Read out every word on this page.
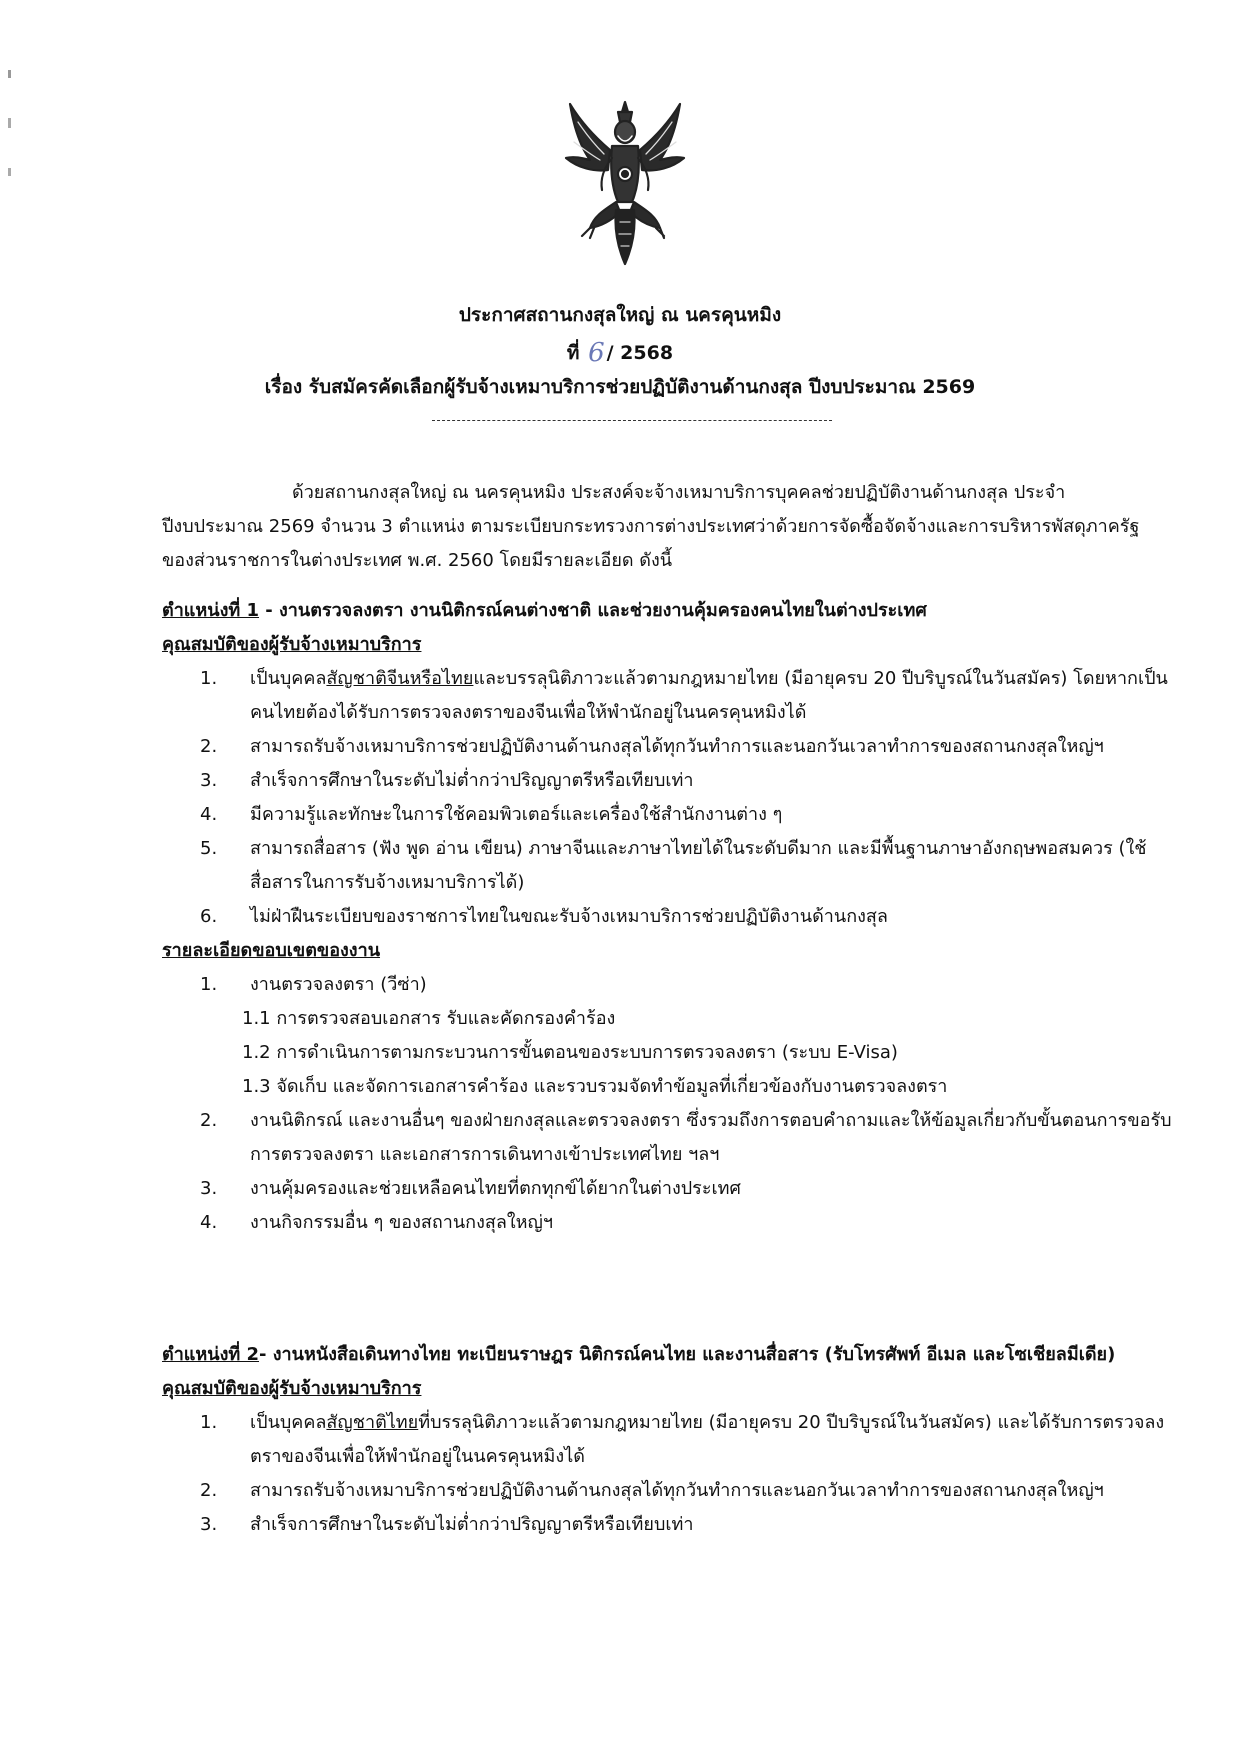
ประกาศสถานกงสุลใหญ่ ณ นครคุนหมิง
ที่ 6 / 2568
เรื่อง รับสมัครคัดเลือกผู้รับจ้างเหมาบริการช่วยปฏิบัติงานด้านกงสุล ปีงบประมาณ 2569

ด้วยสถานกงสุลใหญ่ ณ นครคุนหมิง ประสงค์จะจ้างเหมาบริการบุคคลช่วยปฏิบัติงานด้านกงสุล ประจำปีงบประมาณ 2569 จำนวน 3 ตำแหน่ง ตามระเบียบกระทรวงการต่างประเทศว่าด้วยการจัดซื้อจัดจ้างและการบริหารพัสดุภาครัฐของส่วนราชการในต่างประเทศ พ.ศ. 2560 โดยมีรายละเอียด ดังนี้

ตำแหน่งที่ 1 - งานตรวจลงตรา งานนิติกรณ์คนต่างชาติ และช่วยงานคุ้มครองคนไทยในต่างประเทศ
คุณสมบัติของผู้รับจ้างเหมาบริการ
1.	เป็นบุคคลสัญชาติจีนหรือไทยและบรรลุนิติภาวะแล้วตามกฎหมายไทย (มีอายุครบ 20 ปีบริบูรณ์ในวันสมัคร) โดยหากเป็นคนไทยต้องได้รับการตรวจลงตราของจีนเพื่อให้พำนักอยู่ในนครคุนหมิงได้
2.	สามารถรับจ้างเหมาบริการช่วยปฏิบัติงานด้านกงสุลได้ทุกวันทำการและนอกวันเวลาทำการของสถานกงสุลใหญ่ฯ
3.	สำเร็จการศึกษาในระดับไม่ต่ำกว่าปริญญาตรีหรือเทียบเท่า
4.	มีความรู้และทักษะในการใช้คอมพิวเตอร์และเครื่องใช้สำนักงานต่าง ๆ
5.	สามารถสื่อสาร (ฟัง พูด อ่าน เขียน) ภาษาจีนและภาษาไทยได้ในระดับดีมาก และมีพื้นฐานภาษาอังกฤษพอสมควร (ใช้สื่อสารในการรับจ้างเหมาบริการได้)
6.	ไม่ฝ่าฝืนระเบียบของราชการไทยในขณะรับจ้างเหมาบริการช่วยปฏิบัติงานด้านกงสุล
รายละเอียดขอบเขตของงาน
1.	งานตรวจลงตรา (วีซ่า)
1.1 การตรวจสอบเอกสาร รับและคัดกรองคำร้อง
1.2 การดำเนินการตามกระบวนการขั้นตอนของระบบการตรวจลงตรา (ระบบ E-Visa)
1.3 จัดเก็บ และจัดการเอกสารคำร้อง และรวบรวมจัดทำข้อมูลที่เกี่ยวข้องกับงานตรวจลงตรา
2.	งานนิติกรณ์ และงานอื่นๆ ของฝ่ายกงสุลและตรวจลงตรา ซึ่งรวมถึงการตอบคำถามและให้ข้อมูลเกี่ยวกับขั้นตอนการขอรับการตรวจลงตรา และเอกสารการเดินทางเข้าประเทศไทย ฯลฯ
3.	งานคุ้มครองและช่วยเหลือคนไทยที่ตกทุกข์ได้ยากในต่างประเทศ
4.	งานกิจกรรมอื่น ๆ ของสถานกงสุลใหญ่ฯ
ตำแหน่งที่ 2 - งานหนังสือเดินทางไทย ทะเบียนราษฎร นิติกรณ์คนไทย และงานสื่อสาร (รับโทรศัพท์ อีเมล และโซเชียลมีเดีย)
คุณสมบัติของผู้รับจ้างเหมาบริการ
1.	เป็นบุคคลสัญชาติไทยที่บรรลุนิติภาวะแล้วตามกฎหมายไทย (มีอายุครบ 20 ปีบริบูรณ์ในวันสมัคร) และได้รับการตรวจลงตราของจีนเพื่อให้พำนักอยู่ในนครคุนหมิงได้
2.	สามารถรับจ้างเหมาบริการช่วยปฏิบัติงานด้านกงสุลได้ทุกวันทำการและนอกวันเวลาทำการของสถานกงสุลใหญ่ฯ
3.	สำเร็จการศึกษาในระดับไม่ต่ำกว่าปริญญาตรีหรือเทียบเท่า
